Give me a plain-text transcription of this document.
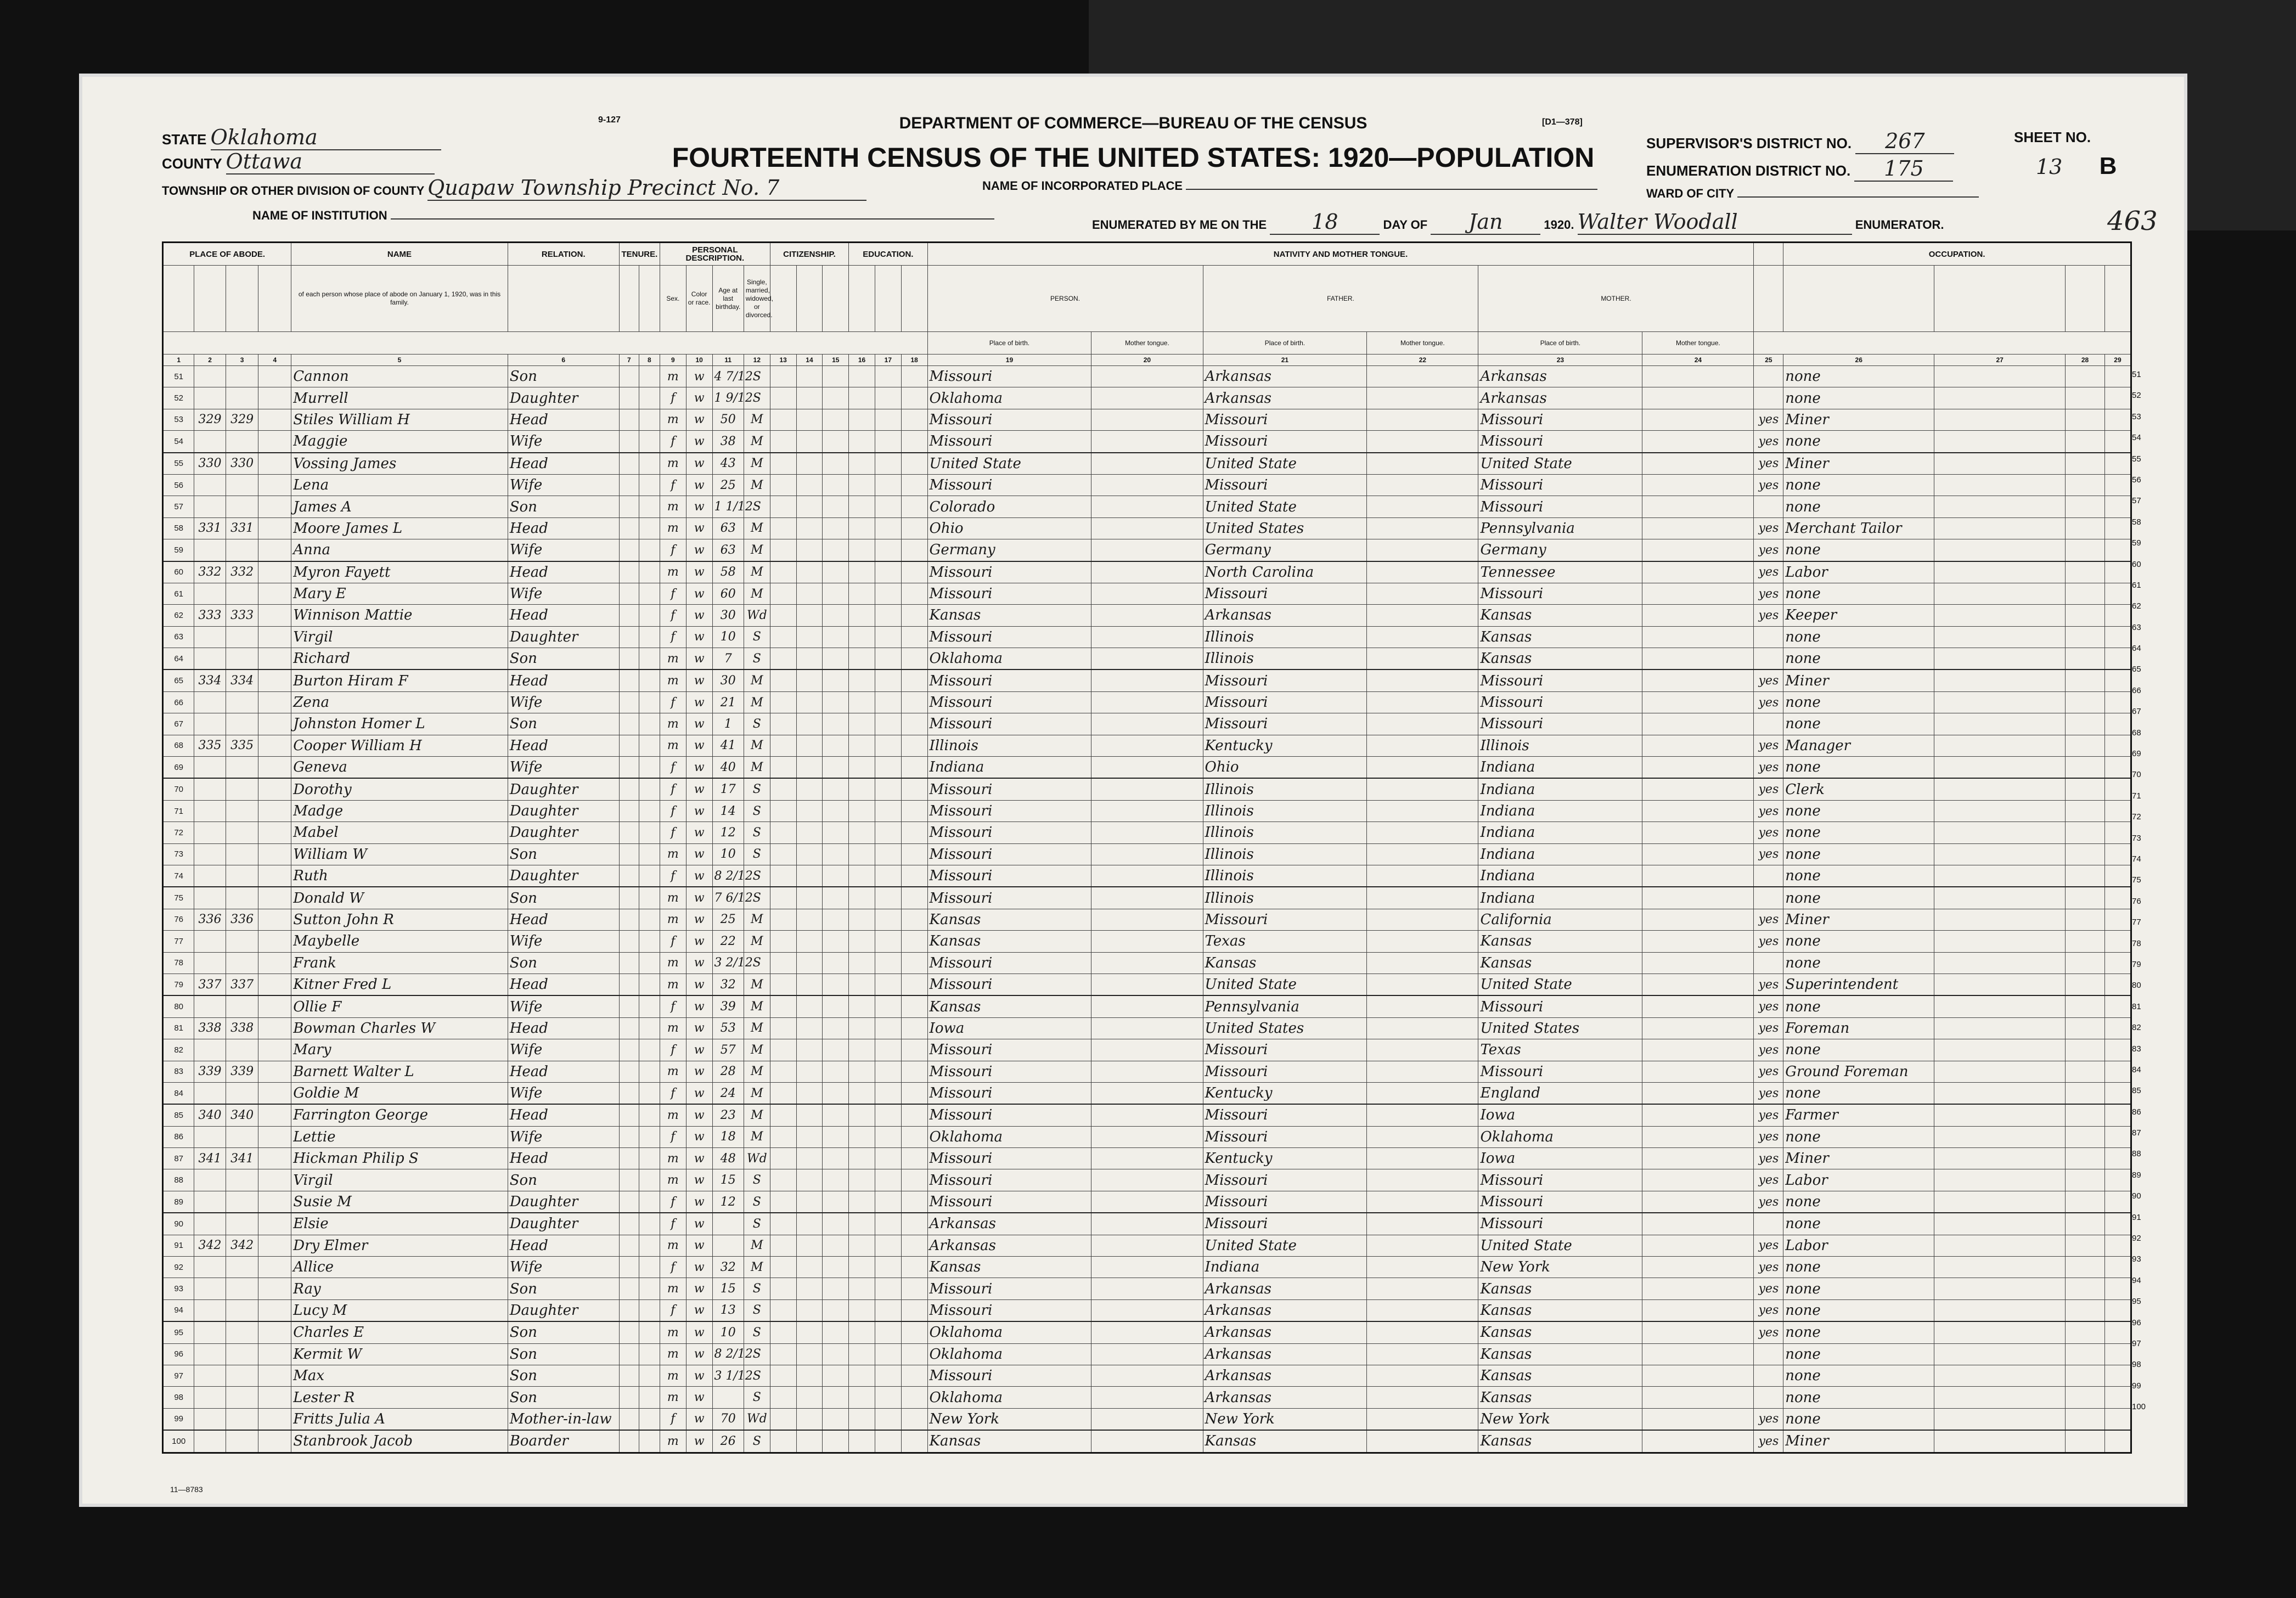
STATE Oklahoma
COUNTY Ottawa
TOWNSHIP OR OTHER DIVISION OF COUNTY Quapaw Township Precinct No. 7
NAME OF INSTITUTION
9-127	DEPARTMENT OF COMMERCE—BUREAU OF THE CENSUS
FOURTEENTH CENSUS OF THE UNITED STATES: 1920—POPULATION
[D1—378]
NAME OF INCORPORATED PLACE
ENUMERATED BY ME ON THE 18	DAY OF Jan	1920. Walter Woodall	ENUMERATOR.
SUPERVISOR'S DISTRICT NO. 267
ENUMERATION DISTRICT NO. 175
SHEET NO.
13 B
WARD OF CITY
463
PLACE OF ABODE.				NAME	RELATION.	TENURE.		PERSONAL DESCRIPTION.				CITIZENSHIP.			EDUCATION.			NATIVITY AND MOTHER TONGUE.							OCCUPATION.			
				of each person whose place of abode on January 1, 1920, was in this family.				Sex.	Color or race.	Age at last birthday.	Single, married, widowed, or divorced.							PERSON.		FATHER.		MOTHER.						
																		Place of birth.	Mother tongue.	Place of birth.	Mother tongue.	Place of birth.	Mother tongue.					
1	2	3	4	5	6	7	8	9	10	11	12	13	14	15	16	17	18	19	20	21	22	23	24	25	26	27	28	29
51				Cannon	Son			m	w	4 7/12	S							Missouri		Arkansas		Arkansas			none			
52				Murrell	Daughter			f	w	1 9/12	S							Oklahoma		Arkansas		Arkansas			none			
53	329	329		Stiles William H	Head			m	w	50	M							Missouri		Missouri		Missouri		yes	Miner			
54				Maggie	Wife			f	w	38	M							Missouri		Missouri		Missouri		yes	none			
55	330	330		Vossing James	Head			m	w	43	M							United State		United State		United State		yes	Miner			
56				Lena	Wife			f	w	25	M							Missouri		Missouri		Missouri		yes	none			
57				James A	Son			m	w	1 1/12	S							Colorado		United State		Missouri			none			
58	331	331		Moore James L	Head			m	w	63	M							Ohio		United States		Pennsylvania		yes	Merchant Tailor			
59				Anna	Wife			f	w	63	M							Germany		Germany		Germany		yes	none			
60	332	332		Myron Fayett	Head			m	w	58	M							Missouri		North Carolina		Tennessee		yes	Labor			
61				Mary E	Wife			f	w	60	M							Missouri		Missouri		Missouri		yes	none			
62	333	333		Winnison Mattie	Head			f	w	30	Wd							Kansas		Arkansas		Kansas		yes	Keeper			
63				Virgil	Daughter			f	w	10	S							Missouri		Illinois		Kansas			none			
64				Richard	Son			m	w	7	S							Oklahoma		Illinois		Kansas			none			
65	334	334		Burton Hiram F	Head			m	w	30	M							Missouri		Missouri		Missouri		yes	Miner			
66				Zena	Wife			f	w	21	M							Missouri		Missouri		Missouri		yes	none			
67				Johnston Homer L	Son			m	w	1	S							Missouri		Missouri		Missouri			none			
68	335	335		Cooper William H	Head			m	w	41	M							Illinois		Kentucky		Illinois		yes	Manager			
69				Geneva	Wife			f	w	40	M							Indiana		Ohio		Indiana		yes	none			
70				Dorothy	Daughter			f	w	17	S							Missouri		Illinois		Indiana		yes	Clerk			
71				Madge	Daughter			f	w	14	S							Missouri		Illinois		Indiana		yes	none			
72				Mabel	Daughter			f	w	12	S							Missouri		Illinois		Indiana		yes	none			
73				William W	Son			m	w	10	S							Missouri		Illinois		Indiana		yes	none			
74				Ruth	Daughter			f	w	8 2/12	S							Missouri		Illinois		Indiana			none			
75				Donald W	Son			m	w	7 6/12	S							Missouri		Illinois		Indiana			none			
76	336	336		Sutton John R	Head			m	w	25	M							Kansas		Missouri		California		yes	Miner			
77				Maybelle	Wife			f	w	22	M							Kansas		Texas		Kansas		yes	none			
78				Frank	Son			m	w	3 2/12	S							Missouri		Kansas		Kansas			none			
79	337	337		Kitner Fred L	Head			m	w	32	M							Missouri		United State		United State		yes	Superintendent			
80				Ollie F	Wife			f	w	39	M							Kansas		Pennsylvania		Missouri		yes	none			
81	338	338		Bowman Charles W	Head			m	w	53	M							Iowa		United States		United States		yes	Foreman			
82				Mary	Wife			f	w	57	M							Missouri		Missouri		Texas		yes	none			
83	339	339		Barnett Walter L	Head			m	w	28	M							Missouri		Missouri		Missouri		yes	Ground Foreman			
84				Goldie M	Wife			f	w	24	M							Missouri		Kentucky		England		yes	none			
85	340	340		Farrington George	Head			m	w	23	M							Missouri		Missouri		Iowa		yes	Farmer			
86				Lettie	Wife			f	w	18	M							Oklahoma		Missouri		Oklahoma		yes	none			
87	341	341		Hickman Philip S	Head			m	w	48	Wd							Missouri		Kentucky		Iowa		yes	Miner			
88				Virgil	Son			m	w	15	S							Missouri		Missouri		Missouri		yes	Labor			
89				Susie M	Daughter			f	w	12	S							Missouri		Missouri		Missouri		yes	none			
90				Elsie	Daughter			f	w		S							Arkansas		Missouri		Missouri			none			
91	342	342		Dry Elmer	Head			m	w		M							Arkansas		United State		United State		yes	Labor			
92				Allice	Wife			f	w	32	M							Kansas		Indiana		New York		yes	none			
93				Ray	Son			m	w	15	S							Missouri		Arkansas		Kansas		yes	none			
94				Lucy M	Daughter			f	w	13	S							Missouri		Arkansas		Kansas		yes	none			
95				Charles E	Son			m	w	10	S							Oklahoma		Arkansas		Kansas		yes	none			
96				Kermit W	Son			m	w	8 2/12	S							Oklahoma		Arkansas		Kansas			none			
97				Max	Son			m	w	3 1/12	S							Missouri		Arkansas		Kansas			none			
98				Lester R	Son			m	w		S							Oklahoma		Arkansas		Kansas			none			
99				Fritts Julia A	Mother-in-law			f	w	70	Wd							New York		New York		New York		yes	none			
100				Stanbrook Jacob	Boarder			m	w	26	S							Kansas		Kansas		Kansas		yes	Miner			
51
52
53
54
55
56
57
58
59
60
61
62
63
64
65
66
67
68
69
70
71
72
73
74
75
76
77
78
79
80
81
82
83
84
85
86
87
88
89
90
91
92
93
94
95
96
97
98
99
100
11—8783
